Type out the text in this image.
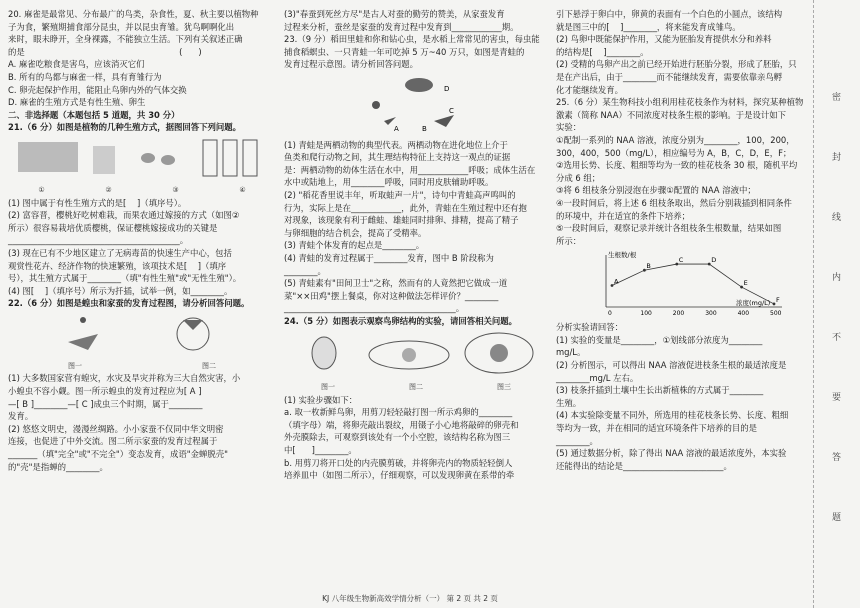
20. 麻雀是最常见、分布最广的鸟类，杂食性，夏、秋主要以植物种

子为食，繁殖期捕食部分昆虫，并以昆虫育雏。犹鸟啊啊化出

来时，眼未睁开，全身裸露，不能独立生活。下列有关叙述正确

的是                                                          (      )

A. 麻雀吃粮食是害鸟，应该消灭它们

B. 所有的鸟都与麻雀一样，具有育雏行为

C. 卵壳起保护作用，能阻止鸟卵内外的气体交换

D. 麻雀的生殖方式是有性生殖、卵生

二、非选择题（本题包括 5 道题，共 30 分）

21.（6 分）如图是植物的几种生殖方式，据图回答下列问题。

①	②	③	④

(1) 图中属于有性生殖方式的是[    ]（填序号）。

(2) 富容晋，樱桃好吃树难栽，而果农通过嫁接的方式（如图②

所示）很容易栽培优质樱桃，保证樱桃嫁接成功的关键是

_________________________________________。

(3) 现在已有不少地区建立了无病毒苗的快速生产中心，包括

观赏性花卉、经济作物的快速繁殖，该项技术是[    ]（填序

号），其生殖方式属于________（填"有性生殖"或"无性生殖"）。

(4) 图[    ]（填序号）所示为扦插，试举一例，如________。

22.（6 分）如图是蝗虫和家蚕的发育过程图，请分析回答问题。

图一	图二

(1) 大多数国家营有蝗灾，水灾及旱灾并称为三大自然灾害，小

小蝗虫不容小觑。图一所示蝗虫的发育过程应为[ A ]

—[ B ]________—[ C ]成虫三个时期，属于________

发育。

(2) 悠悠文明史，漫漫丝绸路。小小家蚕不仅同中华文明密

连接，也促进了中外交流。图二所示家蚕的发育过程属于

_______（填"完全"或"不完全"）变态发育，成语"金蝉脱壳"

的"壳"是指蝉的________。

(3)"春蚕到死丝方尽"是古人对蚕的勤劳的赞美，从家蚕发育

过程来分析，蚕丝是家蚕的发育过程中发育到____________期。

23.（9 分）稻田里蛙和你和钻心虫，是水稻上常常见的害虫，每虫能

捕食稻螟虫、一只青蛙一年可吃掉 5 万~40 万只，如图是青蛙的

发育过程示意图。请分析回答问题。

A	B
C
D

(1) 青蛙是两栖动物的典型代表。两栖动物在进化地位上介于

鱼类和爬行动物之间，其生理结构特征上支持这一观点的证据

是：两栖动物的幼体生活在水中，用____________呼吸；成体生活在

水中或陆地上，用________呼吸，同时用皮肤辅助呼吸。

(2) "稻花香里说丰年，听取蛙声一片"，诗句中青蛙高声鸣叫的

行为，实际上是在____________，此外，青蛙在生殖过程中还有抱

对现象，该现象有利于雌蛙、雄蛙同时排卵、排精，提高了精子

与卵细胞的结合机会，提高了受精率。

(3) 青蛙个体发育的起点是________。

(4) 青蛙的发育过程属于________发育，图中 B 阶段称为

________。

(5) 青蛙素有"田间卫士"之称，然而有的人竟然把它做成一道

菜"××田鸡"摆上餐桌，你对这种做法怎样评价？________

_________________________________________。

24.（5 分）如图表示观察鸟卵结构的实验，请回答相关问题。

图一	图二	图三

(1) 实验步骤如下：

a. 取一枚新鲜鸟卵，用剪刀轻轻敲打图一所示鸡卵的________

（填字母）端，将卵壳敲出裂纹，用镊子小心地将敲碎的卵壳和

外壳膜除去，可观察到该处有一个小空腔，该结构名称为图三

中[      ]________。

b. 用剪刀将开口处的内壳膜剪破，并将卵壳内的物质轻轻倒人

培养皿中（如图二所示），仔细观察，可以发现卵黄在系带的牵

引下悬浮于卵白中，卵黄的表面有一个白色的小圆点，该结构

就是图三中的[    ]________，将来能发育成雏鸟。

(2) 鸟卵中既能保护作用，又能为胚胎发育提供水分和养料

的结构是[    ]________。

(2) 受精的鸟卵产出之前已经开始进行胚胎分裂，形成了胚胎，只

是在产出后，由于________而不能继续发育，需要依靠亲鸟孵

化才能继续发育。

25.（6 分）某生物科技小组利用桂花枝条作为材料，探究某种植物

激素（简称 NAA）不同浓度对枝条生根的影响。于是设计如下

实验：

①配制一系列的 NAA 溶液，浓度分别为________，100，200，

300，400，500（mg/L），相应编号为 A，B，C，D，E，F；

②选用长势、长度、粗细等均为一致的桂花枝条 30 根，随机平均

分成 6 组；

③将 6 组枝条分别浸泡在步骤①配置的 NAA 溶液中；

④一段时间后，将上述 6 组枝条取出，然后分别栽插到相同条件

的环境中，并在适宜的条件下培养；

⑤一段时间后，观察记录并统计各组枝条生根数量，结果如图

所示：

生根数/根
浓度(mg/L)
A
B
C	D
E
F
0	100	200	300	400	500

分析实验请回答：

(1) 实验的变量是________，①划线部分浓度为________

mg/L。

(2) 分析图示，可以得出 NAA 溶液促进枝条生根的最适浓度是

________mg/L 左右。

(3) 枝条扦插到土壤中生长出新植株的方式属于________

生殖。

(4) 本实验除变量不同外，所选用的桂花枝条长势、长度、粗细

等均为一致，并在相同的适宜环境条件下培养的目的是

________。

(5) 通过数据分析，除了得出 NAA 溶液的最适浓度外，本实验

还能得出的结论是________________________。

密
封
线
内
不
要
答
题
KJ 八年级生物新高效学情分析（一） 第 2 页 共 2 页
